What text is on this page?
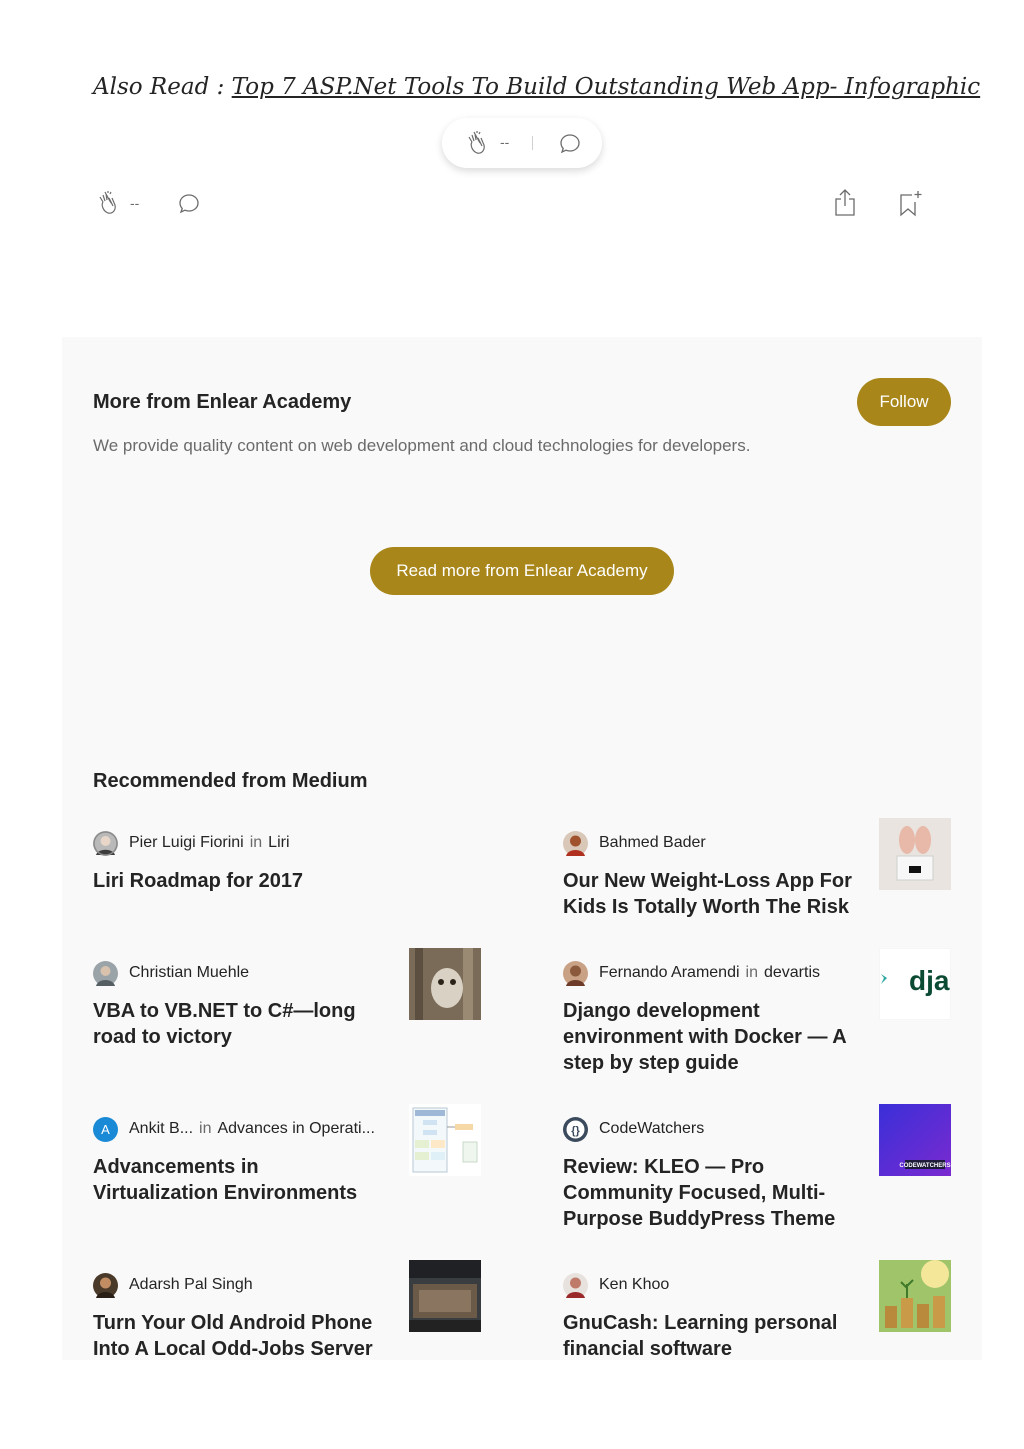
Also Read : Top 7 ASP.Net Tools To Build Outstanding Web App- Infographic
--
--
More from Enlear Academy	Follow
We provide quality content on web development and cloud technologies for developers.
Read more from Enlear Academy
Recommended from Medium
Pier Luigi Fiorini in Liri
Liri Roadmap for 2017
Bahmed Bader
Our New Weight-Loss App For Kids Is Totally Worth The Risk
Christian Muehle
VBA to VB.NET to C#—long road to victory
Fernando Aramendi in devartis
Django development environment with Docker — A step by step guide
dja
A Ankit B... in Advances in Operati...
Advancements in Virtualization Environments
{} CodeWatchers
Review: KLEO — Pro Community Focused, Multi-Purpose BuddyPress Theme
CODEWATCHERS
Adarsh Pal Singh
Turn Your Old Android Phone Into A Local Odd-Jobs Server
Ken Khoo
GnuCash: Learning personal financial software
